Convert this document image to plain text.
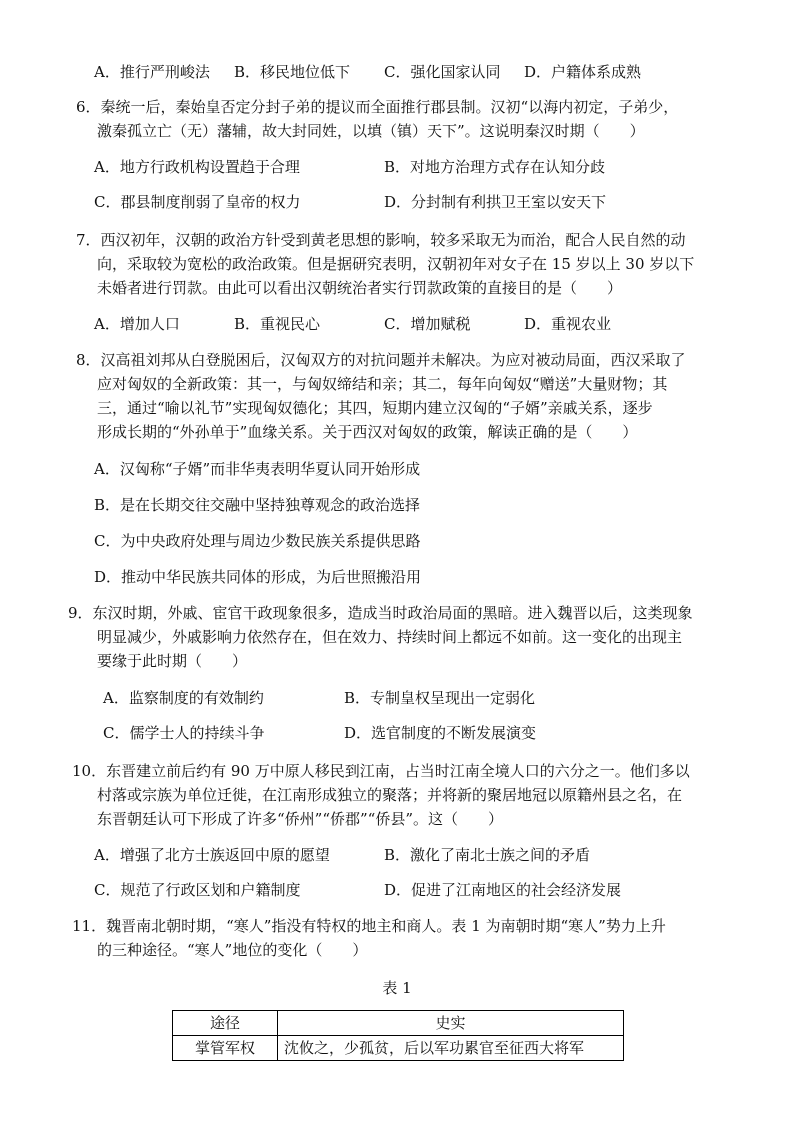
A．推行严刑峻法 B．移民地位低下 C．强化国家认同 D．户籍体系成熟
6．秦统一后，秦始皇否定分封子弟的提议而全面推行郡县制。汉初“以海内初定，子弟少，
激秦孤立亡（无）藩辅，故大封同姓，以填（镇）天下”。这说明秦汉时期（　　）
A．地方行政机构设置趋于合理	B．对地方治理方式存在认知分歧
C．郡县制度削弱了皇帝的权力	D．分封制有利拱卫王室以安天下
7．西汉初年，汉朝的政治方针受到黄老思想的影响，较多采取无为而治，配合人民自然的动
向，采取较为宽松的政治政策。但是据研究表明，汉朝初年对女子在 15 岁以上 30 岁以下
未婚者进行罚款。由此可以看出汉朝统治者实行罚款政策的直接目的是（　　）
A．增加人口	B．重视民心	C．增加赋税	D．重视农业
8．汉高祖刘邦从白登脱困后，汉匈双方的对抗问题并未解决。为应对被动局面，西汉采取了
应对匈奴的全新政策：其一，与匈奴缔结和亲；其二，每年向匈奴“赠送”大量财物；其
三，通过“喻以礼节”实现匈奴德化；其四，短期内建立汉匈的“子婿”亲戚关系，逐步
形成长期的“外孙单于”血缘关系。关于西汉对匈奴的政策，解读正确的是（　　）
A．汉匈称“子婿”而非华夷表明华夏认同开始形成
B．是在长期交往交融中坚持独尊观念的政治选择
C．为中央政府处理与周边少数民族关系提供思路
D．推动中华民族共同体的形成，为后世照搬沿用
9．东汉时期，外戚、宦官干政现象很多，造成当时政治局面的黑暗。进入魏晋以后，这类现象
明显减少，外戚影响力依然存在，但在效力、持续时间上都远不如前。这一变化的出现主
要缘于此时期（　　）
A．监察制度的有效制约	B．专制皇权呈现出一定弱化
C．儒学士人的持续斗争	D．选官制度的不断发展演变
10．东晋建立前后约有 90 万中原人移民到江南，占当时江南全境人口的六分之一。他们多以
村落或宗族为单位迁徙，在江南形成独立的聚落；并将新的聚居地冠以原籍州县之名，在
东晋朝廷认可下形成了许多“侨州”“侨郡”“侨县”。这（　　）
A．增强了北方士族返回中原的愿望	B．激化了南北士族之间的矛盾
C．规范了行政区划和户籍制度	D．促进了江南地区的社会经济发展
11．魏晋南北朝时期，“寒人”指没有特权的地主和商人。表 1 为南朝时期“寒人”势力上升
的三种途径。“寒人”地位的变化（　　）
表 1
途径	史实
掌管军权	沈攸之，少孤贫，后以军功累官至征西大将军
